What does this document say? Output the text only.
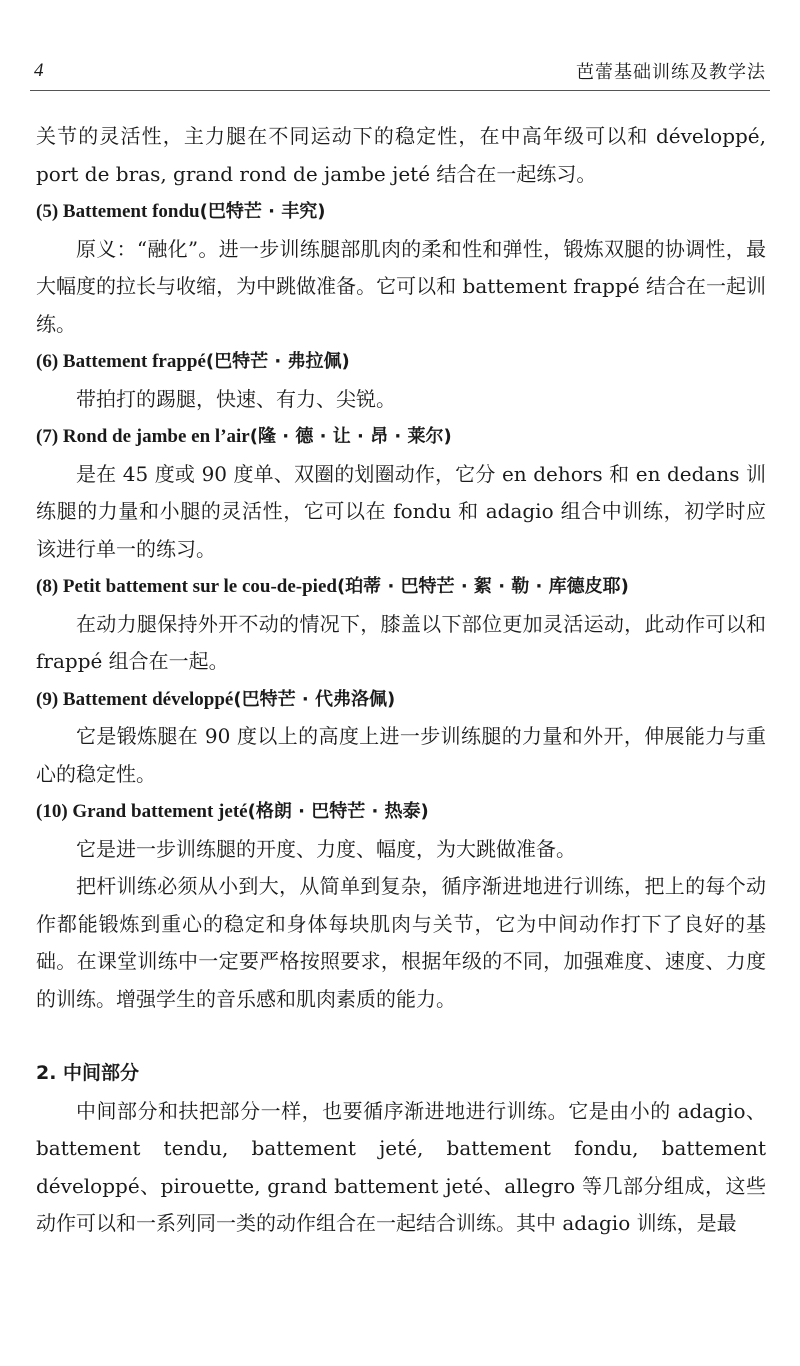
4	芭蕾基础训练及教学法

关节的灵活性，主力腿在不同运动下的稳定性，在中高年级可以和 développé, port de bras, grand rond de jambe jeté 结合在一起练习。

(5) Battement fondu(巴特芒 · 丰究)

原义：“融化”。进一步训练腿部肌肉的柔和性和弹性，锻炼双腿的协调性，最大幅度的拉长与收缩，为中跳做准备。它可以和 battement frappé 结合在一起训练。

(6) Battement frappé(巴特芒 · 弗拉佩)

带拍打的踢腿，快速、有力、尖锐。

(7) Rond de jambe en l’air(隆 · 德 · 让 · 昂 · 莱尔)

是在 45 度或 90 度单、双圈的划圈动作，它分 en dehors 和 en dedans 训练腿的力量和小腿的灵活性，它可以在 fondu 和 adagio 组合中训练，初学时应该进行单一的练习。

(8) Petit battement sur le cou-de-pied(珀蒂 · 巴特芒 · 絮 · 勒 · 库德皮耶)

在动力腿保持外开不动的情况下，膝盖以下部位更加灵活运动，此动作可以和 frappé 组合在一起。

(9) Battement développé(巴特芒 · 代弗洛佩)

它是锻炼腿在 90 度以上的高度上进一步训练腿的力量和外开，伸展能力与重心的稳定性。

(10) Grand battement jeté(格朗 · 巴特芒 · 热泰)

它是进一步训练腿的开度、力度、幅度，为大跳做准备。

把杆训练必须从小到大，从简单到复杂，循序渐进地进行训练，把上的每个动作都能锻炼到重心的稳定和身体每块肌肉与关节，它为中间动作打下了良好的基础。在课堂训练中一定要严格按照要求，根据年级的不同，加强难度、速度、力度的训练。增强学生的音乐感和肌肉素质的能力。

2. 中间部分

中间部分和扶把部分一样，也要循序渐进地进行训练。它是由小的 adagio、battement tendu, battement jeté, battement fondu, battement développé、pirouette, grand battement jeté、allegro 等几部分组成，这些动作可以和一系列同一类的动作组合在一起结合训练。其中 adagio 训练，是最
